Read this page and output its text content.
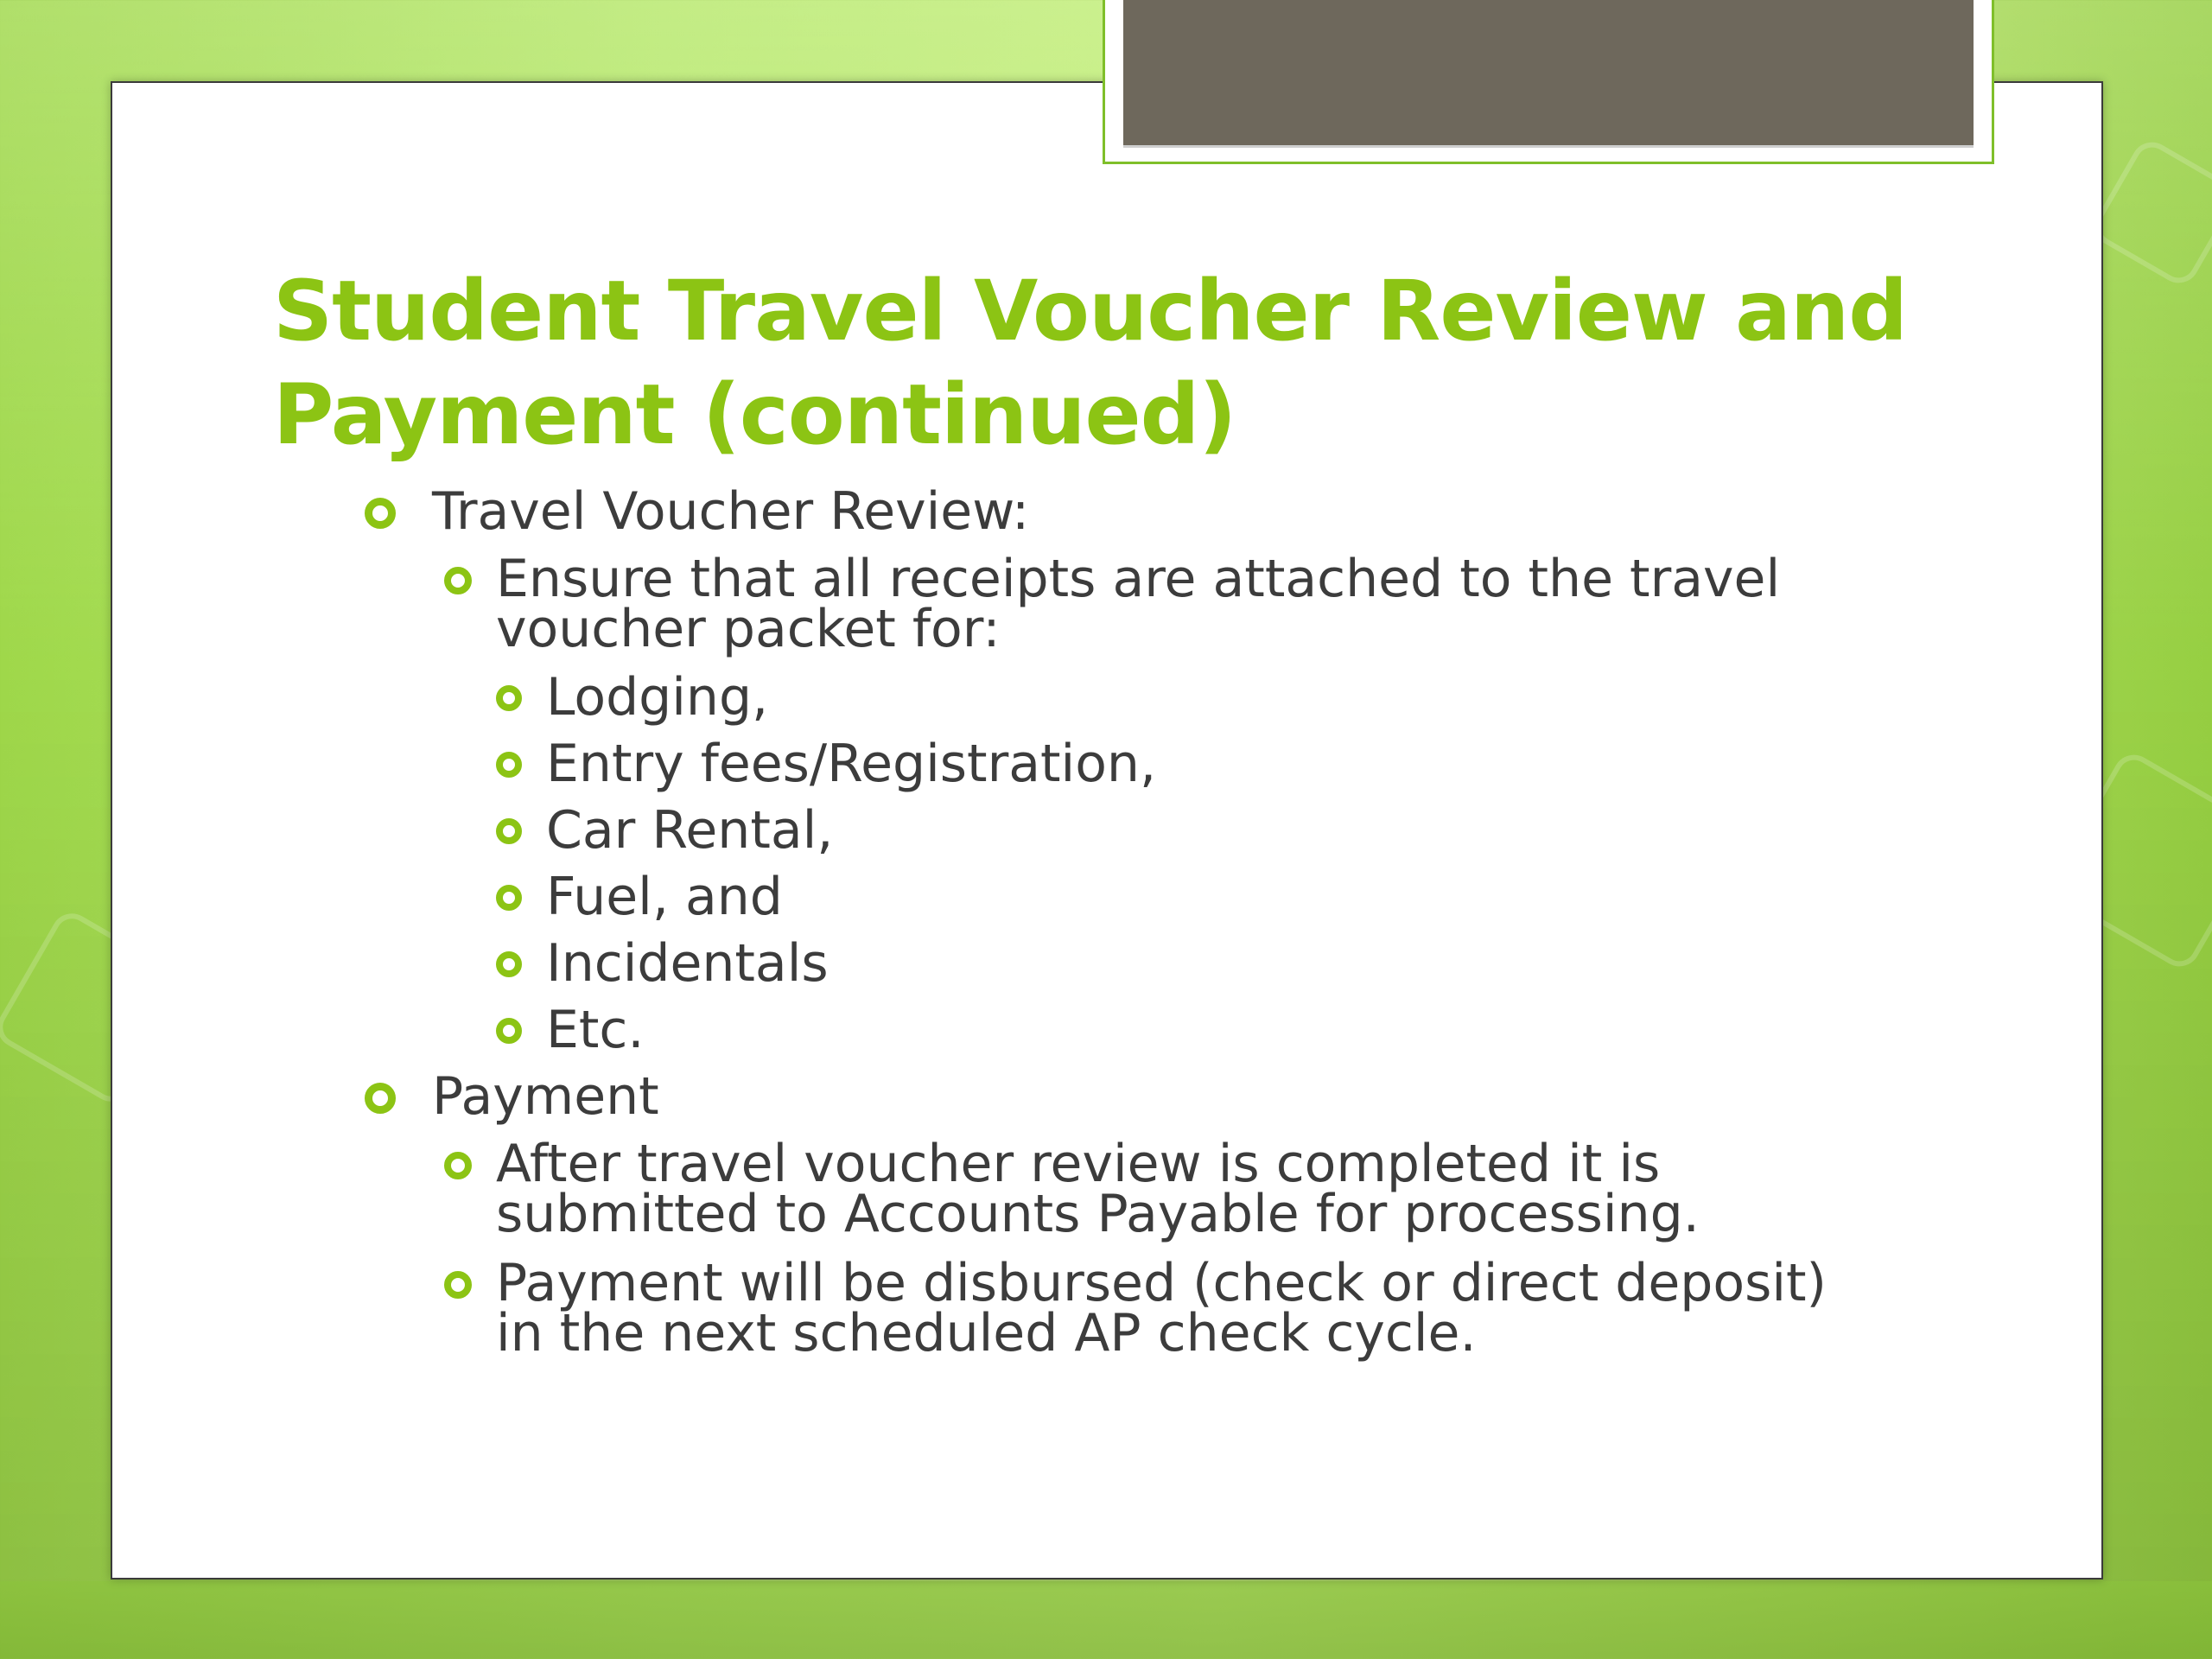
Student Travel Voucher Review and
Payment (continued)
Travel Voucher Review:
Ensure that all receipts are attached to the travel
voucher packet for:
Lodging,
Entry fees/Registration,
Car Rental,
Fuel, and
Incidentals
Etc.
Payment
After travel voucher review is completed it is
submitted to Accounts Payable for processing.
Payment will be disbursed (check or direct deposit)
in the next scheduled AP check cycle.
